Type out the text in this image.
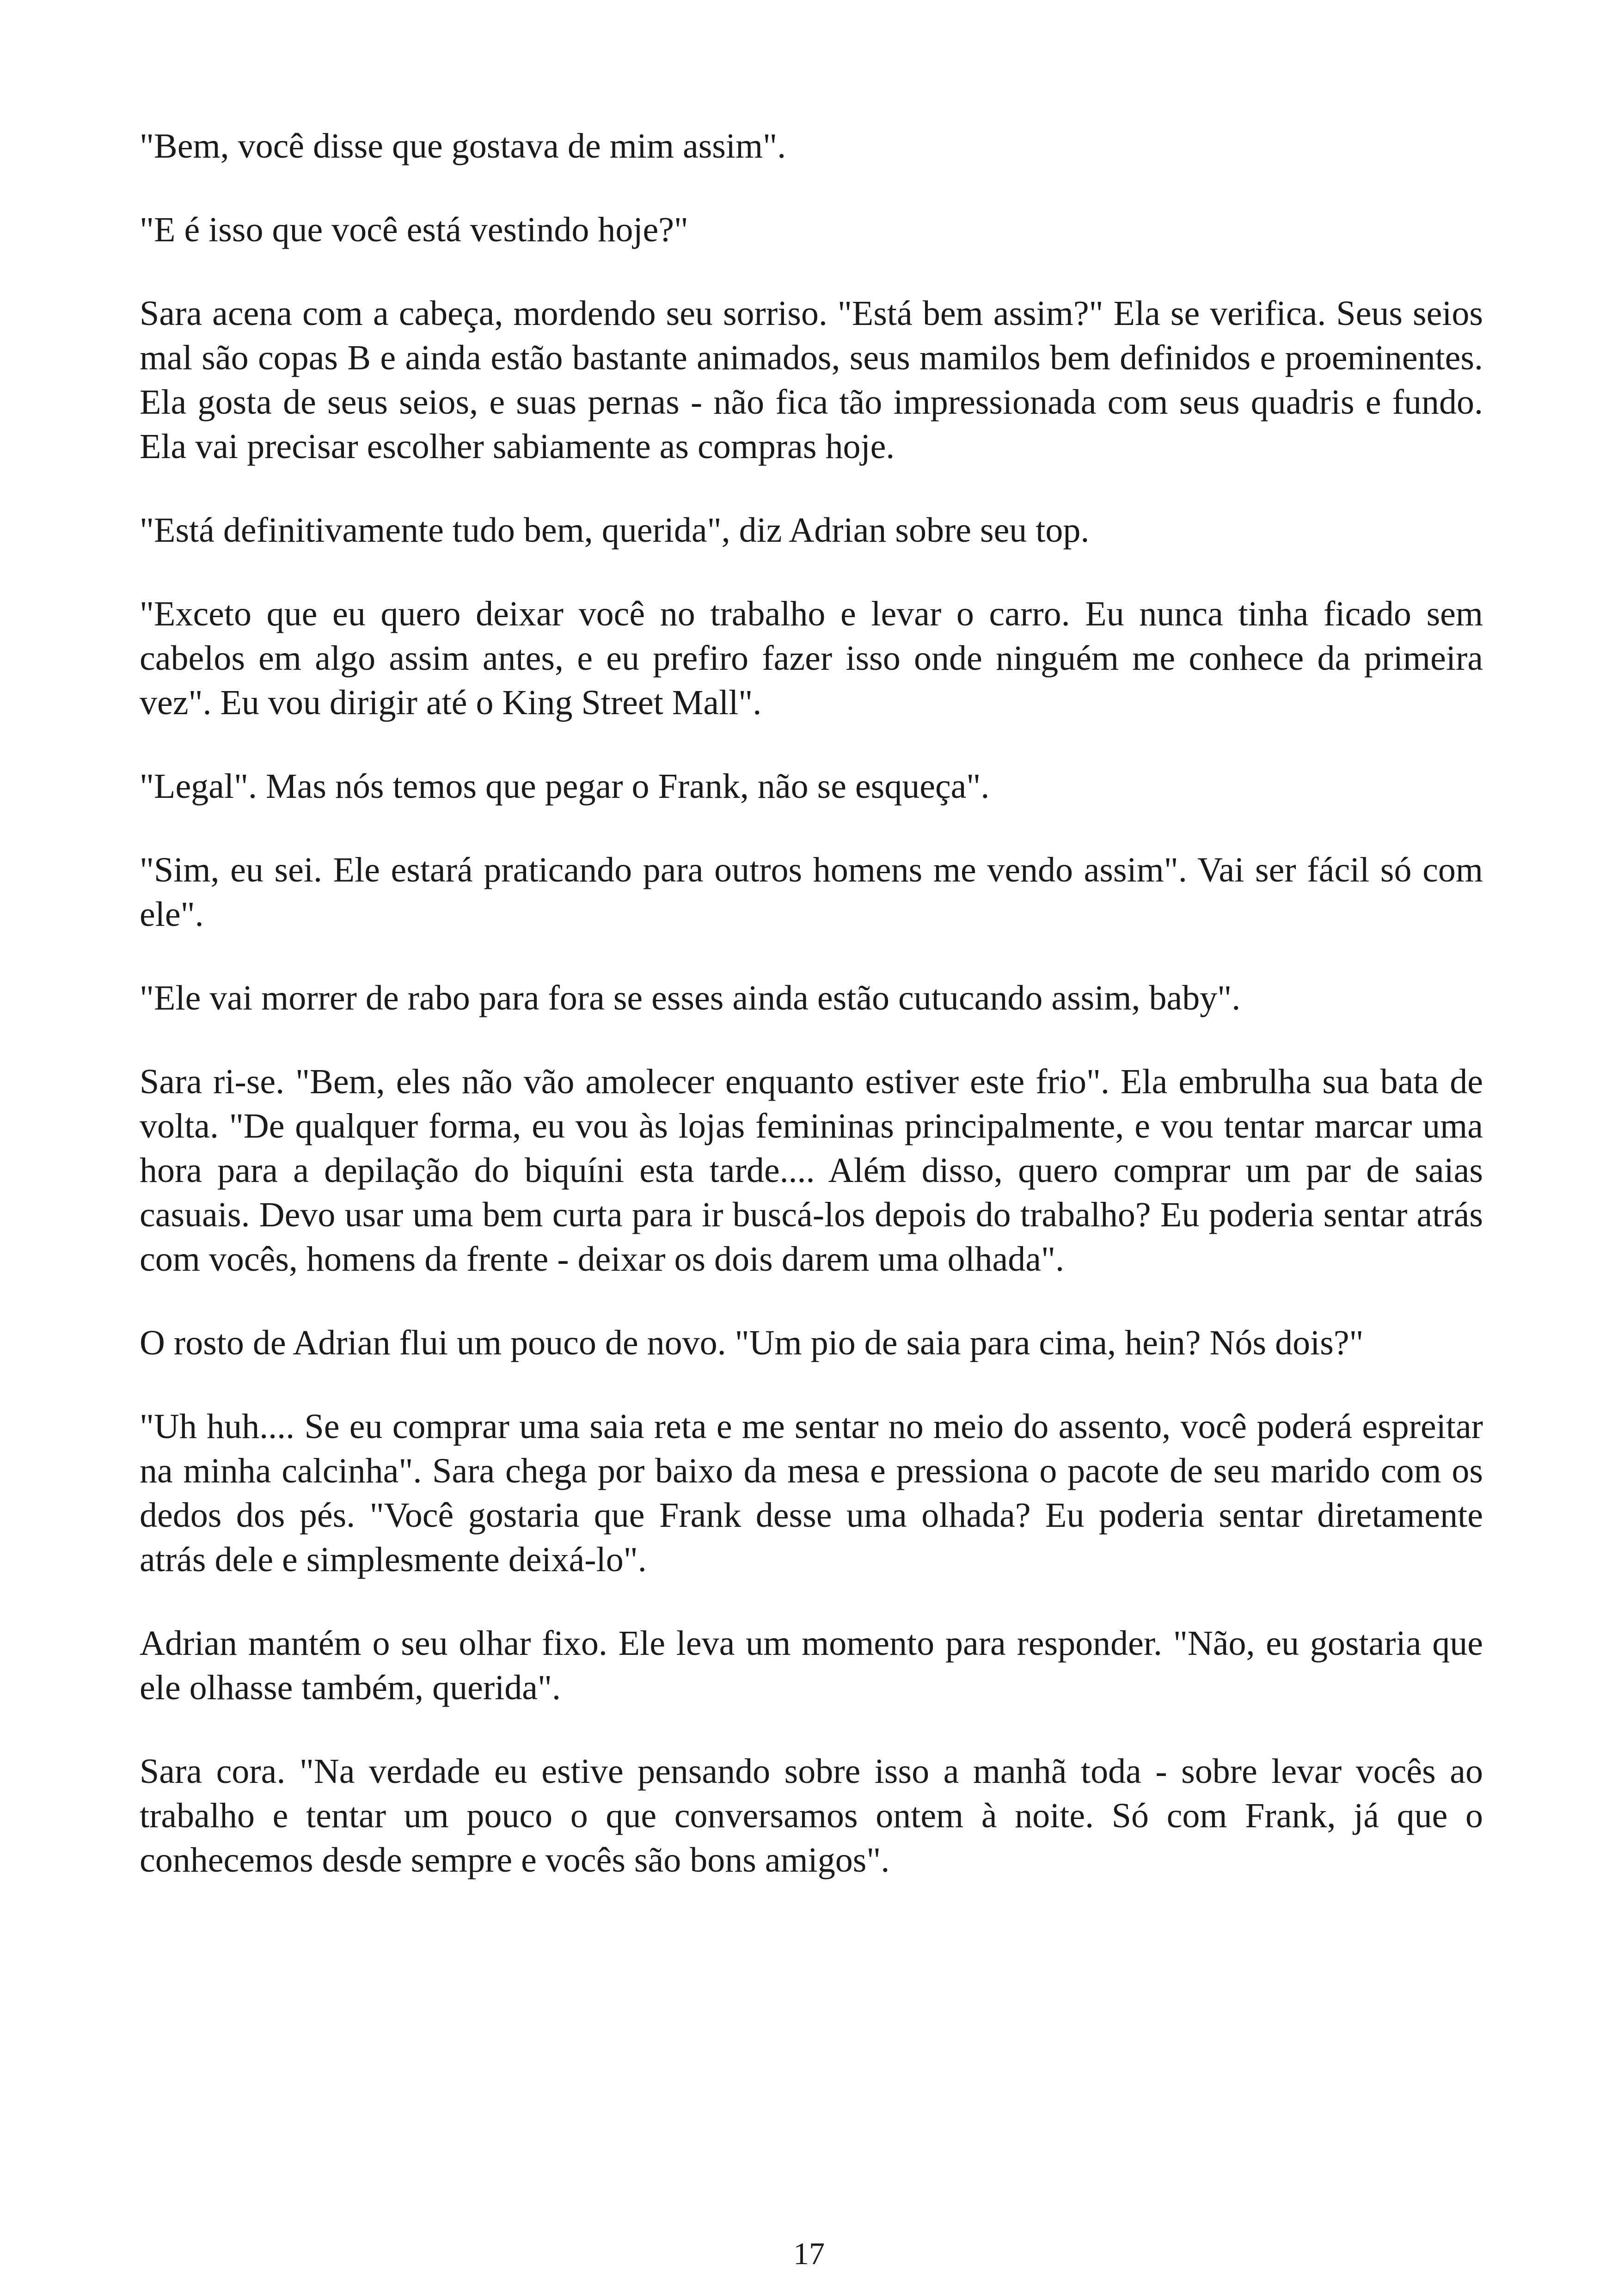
"Bem, você disse que gostava de mim assim".

"E é isso que você está vestindo hoje?"

Sara acena com a cabeça, mordendo seu sorriso. "Está bem assim?" Ela se verifica. Seus seios mal são copas B e ainda estão bastante animados, seus mamilos bem definidos e proeminentes. Ela gosta de seus seios, e suas pernas - não fica tão impressionada com seus quadris e fundo. Ela vai precisar escolher sabiamente as compras hoje.

"Está definitivamente tudo bem, querida", diz Adrian sobre seu top.

"Exceto que eu quero deixar você no trabalho e levar o carro. Eu nunca tinha ficado sem cabelos em algo assim antes, e eu prefiro fazer isso onde ninguém me conhece da primeira vez". Eu vou dirigir até o King Street Mall".

"Legal". Mas nós temos que pegar o Frank, não se esqueça".

"Sim, eu sei. Ele estará praticando para outros homens me vendo assim". Vai ser fácil só com ele".

"Ele vai morrer de rabo para fora se esses ainda estão cutucando assim, baby".

Sara ri-se. "Bem, eles não vão amolecer enquanto estiver este frio". Ela embrulha sua bata de volta. "De qualquer forma, eu vou às lojas femininas principalmente, e vou tentar marcar uma hora para a depilação do biquíni esta tarde.... Além disso, quero comprar um par de saias casuais. Devo usar uma bem curta para ir buscá-los depois do trabalho? Eu poderia sentar atrás com vocês, homens da frente - deixar os dois darem uma olhada".

O rosto de Adrian flui um pouco de novo. "Um pio de saia para cima, hein? Nós dois?"

"Uh huh.... Se eu comprar uma saia reta e me sentar no meio do assento, você poderá espreitar na minha calcinha". Sara chega por baixo da mesa e pressiona o pacote de seu marido com os dedos dos pés. "Você gostaria que Frank desse uma olhada? Eu poderia sentar diretamente atrás dele e simplesmente deixá-lo".

Adrian mantém o seu olhar fixo. Ele leva um momento para responder. "Não, eu gostaria que ele olhasse também, querida".

Sara cora. "Na verdade eu estive pensando sobre isso a manhã toda - sobre levar vocês ao trabalho e tentar um pouco o que conversamos ontem à noite. Só com Frank, já que o conhecemos desde sempre e vocês são bons amigos".

17
